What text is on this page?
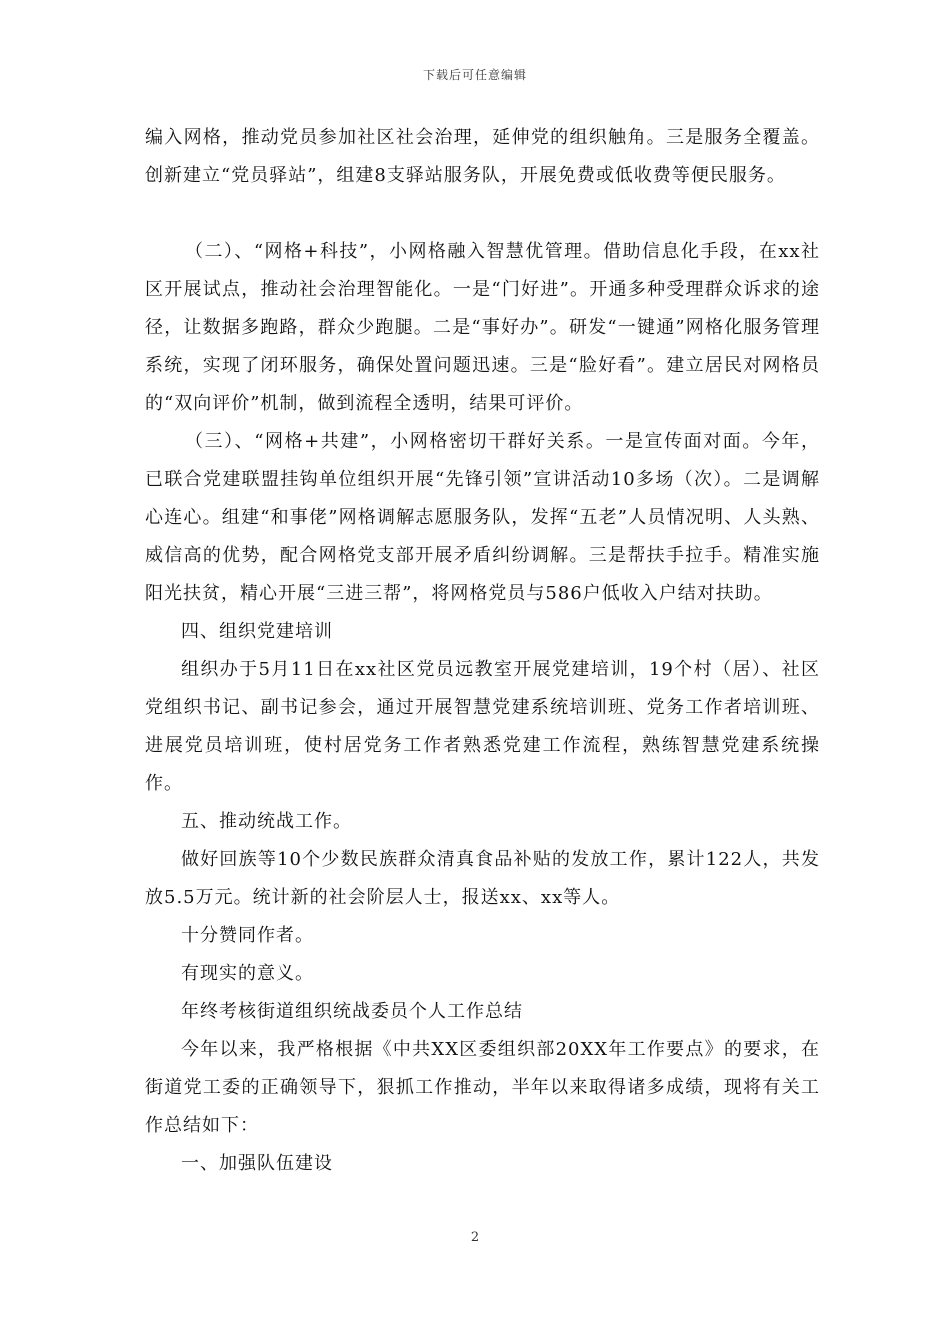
下载后可任意编辑

编入网格，推动党员参加社区社会治理，延伸党的组织触角。三是服务全覆盖。创新建立“党员驿站”，组建8支驿站服务队，开展免费或低收费等便民服务。

（二）、“网格+科技”，小网格融入智慧优管理。借助信息化手段，在xx社区开展试点，推动社会治理智能化。一是“门好进”。开通多种受理群众诉求的途径，让数据多跑路，群众少跑腿。二是“事好办”。研发“一键通”网格化服务管理系统，实现了闭环服务，确保处置问题迅速。三是“脸好看”。建立居民对网格员的“双向评价”机制，做到流程全透明，结果可评价。

（三）、“网格+共建”，小网格密切干群好关系。一是宣传面对面。今年，已联合党建联盟挂钩单位组织开展“先锋引领”宣讲活动10多场（次）。二是调解心连心。组建“和事佬”网格调解志愿服务队，发挥“五老”人员情况明、人头熟、威信高的优势，配合网格党支部开展矛盾纠纷调解。三是帮扶手拉手。精准实施阳光扶贫，精心开展“三进三帮”，将网格党员与586户低收入户结对扶助。

四、组织党建培训

组织办于5月11日在xx社区党员远教室开展党建培训，19个村（居）、社区党组织书记、副书记参会，通过开展智慧党建系统培训班、党务工作者培训班、进展党员培训班，使村居党务工作者熟悉党建工作流程，熟练智慧党建系统操作。

五、推动统战工作。

做好回族等10个少数民族群众清真食品补贴的发放工作，累计122人，共发放5.5万元。统计新的社会阶层人士，报送xx、xx等人。

十分赞同作者。

有现实的意义。

年终考核街道组织统战委员个人工作总结

今年以来，我严格根据《中共XX区委组织部20XX年工作要点》的要求，在街道党工委的正确领导下，狠抓工作推动，半年以来取得诸多成绩，现将有关工作总结如下：

一、加强队伍建设

2
